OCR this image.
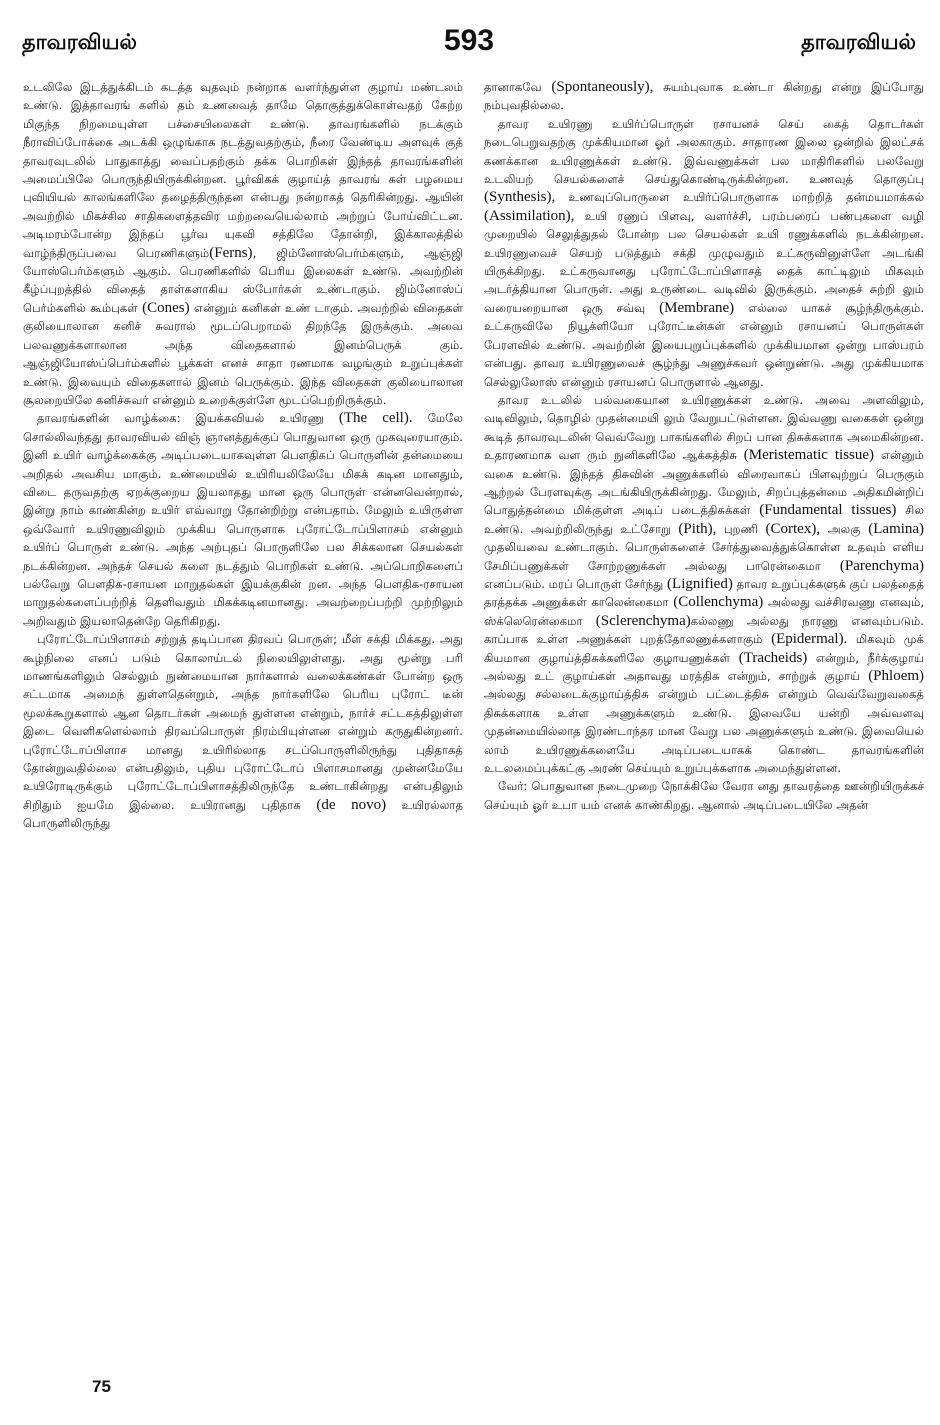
தாவரவியல்	593	தாவரவியல்

உடலிலே இடத்துக்கிடம் கடத்த வுதவும் நன்றாக வளர்ந்துள்ள குழாய் மண்டலம் உண்டு. இத்தாவரங் களில் தம் உணவைத் தாமே தொகுத்துக்கொள்வதற் கேற்ற மிகுந்த நிறமையுள்ள பச்சையிலைகள் உண்டு. தாவரங்களில் நடக்கும் நீராவிப்போக்கை அடக்கி ஒழுங்காக நடத்துவதற்கும், நீரை வேண்டிய அளவுக் குத் தாவரவுடலில் பாதுகாத்து வைப்பதற்கும் தக்க பொறிகள் இந்தத் தாவரங்களின் அமைப்பிலே பொருந்தியிருக்கின்றன. பூர்விகக் குழாய்த் தாவரங் கள் பழமைய புவியியல் காலங்களிலே தழைத்திருந்தன என்பது நன்றாகத் தெரிகின்றது. ஆயின் அவற்றில் மிகச்சில சாதிகளைத்தவிர மற்றவையெல்லாம் அற்றுப் போய்விட்டன. அடிமரம்போன்ற இந்தப் பூர்வ யுகவி சத்திலே தோன்றி, இக்காலத்தில் வாழ்ந்திருப்பவை பெரணிகளும்(Ferns), ஜிம்னோஸ்பெர்ம்களும், ஆஞ்ஜி யோஸ்பெர்ம்களும் ஆகும். பெரணிகளில் பெரிய இலைகள் உண்டு. அவற்றின் கீழ்ப்புறத்தில் விதைத் தாள்களாகிய ஸ்போர்கள் உண்டாகும். ஜிம்னோஸ்ப் பெர்ம்களில் கூம்புகள் (Cones) என்னும் கனிகள் உண் டாகும். அவற்றில் விதைகள் குலியைாலான கனிச் சுவரால் மூடப்பெறாமல் திறந்தே இருக்கும். அவை பலவணுக்களாலான அந்த விதைகளால் இனம்பெருக் கும். ஆஞ்ஜியோஸ்ப்பெர்ம்களில் பூக்கள் எனச் சாதா ரணமாக வழங்கும் உறுப்புக்கள் உண்டு. இவையும் விதைகளால் இனம் பெருக்கும். இந்த விதைகள் குலியைாலான சூலறையிலே கனிச்சுவர் என்னும் உறைக்குள்ளே மூடப்பெற்றிருக்கும்.

தாவரங்களின் வாழ்க்கை: இயக்கவியல் உயிரணு (The cell). மேலே சொல்லிவந்தது தாவரவியல் விஞ் ஞானத்துக்குப் பொதுவான ஒரு முகவுரையாகும். இனி உயிர் வாழ்க்கைக்கு அடிப்படையாகவுள்ள பௌதிகப் பொருளின் தன்மையை அறிதல் அவசிய மாகும். உண்மையில் உயிரியலிலேயே மிகக் கடின மானதும், விடை தருவதற்கு ஏறக்குறைய இயலாதது மான ஒரு பொருள் என்னவென்றால், இன்று நாம் காண்கின்ற உயிர் எவ்வாறு தோன்றிற்று என்பதாம். மேலும் உயிருள்ள ஒவ்வோர் உயிரணுவிலும் முக்கிய பொருளாக புரோட்டோப்பிளாசம் என்னும் உயிர்ப் பொருள் உண்டு. அந்த அற்புதப் பொருளிலே பல சிக்கலான செயல்கள் நடக்கின்றன. அந்தச் செயல் களை நடத்தும் பொறிகள் உண்டு. அப்பொறிகளைப் பல்வேறு பௌதிக-ரசாயன மாறுதல்கள் இயக்குகின் றன. அந்த பௌதிக-ரசாயன மாறுதல்களைப்பற்றித் தெளிவதும் மிகக்கடினமானது. அவற்றைப்பற்றி முற்றிலும் அறிவதும் இயலாதென்றே தெரிகிறது.

புரோட்டோப்பிளாசம் சற்றுத் தடிப்பான திரவப் பொருள்; மீள் சக்தி மிக்கது. அது கூழ்நிலை எனப் படும் கொலாய்டல் நிலையிலுள்ளது. அது மூன்று பரி மாணங்களிலும் செல்லும் நுண்மையான நார்களால் வலைக்கண்கள் போன்ற ஒரு சட்டமாக அமைந் துள்ளதென்றும், அந்த நார்களிலே பெரிய புரோட் டீன் மூலக்கூறுகளால் ஆன தொடர்கள் அமைந் துள்ளன என்றும், நார்ச் சட்டகத்திலுள்ள இடை வெளிகளெல்லாம் திரவப்பொருள் நிரம்பியுள்ளன என்றும் கருதுகின்றனர். புரோட்டோப்பிளாச மானது உயிரில்லாத சடப்பொருளிலிருந்து புதிதாகத் தோன்றுவதில்லை என்பதிலும், புதிய புரோட்டோப் பிளாசமானது முன்னமேயே உயிரோடிருக்கும் புரோட்டோப்பிளாசத்திலிருந்தே உண்டாகின்றது என்பதிலும் சிறிதும் ஐயமே இல்லை. உயிரானது புதிதாக (de novo) உயிரல்லாத பொருளிலிருந்து

தானாகவே (Spontaneously), சுயம்புவாக உண்டா கின்றது என்று இப்போது நம்புவதில்லை.

தாவர உயிரணு உயிர்ப்பொருள் ரசாயனச் செய் கைத் தொடர்கள் நடைபெறுவதற்கு முக்கியமான ஓர் அலகாகும். சாதாரண இலை ஒன்றில் இலட்சக் கணக்கான உயிரணுக்கள் உண்டு. இவ்வணுக்கள் பல மாதிரிகளில் பலவேறு உடலியற் செயல்களைச் செய்துகொண்டிருக்கின்றன. உணவுத் தொகுப்பு (Synthesis), உணவுப்பொருளை உயிர்ப்பொருளாக மாற்றித் தன்மயமாக்கல் (Assimilation), உயி ரணுப் பிளவு, வளர்ச்சி, பரம்பரைப் பண்புகளை வழி முறையில் செலுத்துதல் போன்ற பல செயல்கள் உயி ரணுக்களில் நடக்கின்றன. உயிரணுவைச் செயற் படுத்தும் சக்தி முழுவதும் உட்கருவினுள்ளே அடங்கி யிருக்கிறது. உட்கருவானது புரோட்டோப்பிளாசத் தைக் காட்டிலும் மிகவும் அடர்த்தியான பொருள். அது உருண்டை வடிவில் இருக்கும். அதைச் சுற்றி லும் வரையறையான ஒரு சவ்வு (Membrane) எல்லை யாகச் சூழ்ந்திருக்கும். உட்கருவிலே நியூக்ளியோ புரோட்டீன்கள் என்னும் ரசாயனப் பொருள்கள் பேரளவில் உண்டு. அவற்றின் இயைபுறுப்புக்களில் முக்கியமான ஒன்று பாஸ்பரம் என்பது. தாவர உயிரணுவைச் சூழ்ந்து அணுச்சுவர் ஒன்றுண்டு. அது முக்கியமாக செல்லுலோஸ் என்னும் ரசாயனப் பொருளால் ஆனது.

தாவர உடலில் பல்வகையான உயிரணுக்கள் உண்டு. அவை அளவிலும், வடிவிலும், தொழில் முதன்மையி லும் வேறுபட்டுள்ளன. இவ்வணு வகைகள் ஒன்று கூடித் தாவரவுடலின் வெவ்வேறு பாகங்களில் சிறப் பான திசுக்களாக அமைகின்றன. உதாரணமாக வள ரும் நுனிகளிலே ஆக்கத்திசு (Meristematic tissue) என்னும் வகை உண்டு. இந்தத் திசுவின் அணுக்களில் விரைவாகப் பிளவுற்றுப் பெருகும் ஆற்றல் பேரளவுக்கு அடங்கியிருக்கின்றது. மேலும், சிறப்புத்தன்மை அதிகமின்றிப் பொதுத்தன்மை மிக்குள்ள அடிப் படைத்திசுக்கள் (Fundamental tissues) சில உண்டு. அவற்றிலிருந்து உட்சோறு (Pith), புறணி (Cortex), அலகு (Lamina) முதலியவை உண்டாகும். பொருள்களைச் சேர்த்துவைத்துக்கொள்ள உதவும் எளிய சேமிப்பணுக்கள் சோற்றணுக்கள் அல்லது பாரென்கைமா (Parenchyma) எனப்படும். மரப் பொருள் சேர்ந்து (Lignified) தாவர உறுப்புக்களுக் குப் பலத்தைத் தரத்தக்க அணுக்கள் காலென்கைமா (Collenchyma) அல்லது வச்சிரவணு எனவும், ஸ்க்லெரென்கைமா (Sclerenchyma)கல்லணு அல்லது நாரணு எனவும்படும். காப்பாக உள்ள அணுக்கள் புறத்தோலணுக்களாகும் (Epidermal). மிகவும் முக் கியமான குழாய்த்திசுக்களிலே குழாயணுக்கள் (Tracheids) என்றும், நீர்க்குழாய் அல்லது உட் குழாய்கள் அதாவது மரத்திசு என்றும், சாற்றுக் குழாய் (Phloem) அல்லது சல்லடைக்குழாய்த்திசு என்றும் பட்டைத்திசு என்றும் வெவ்வேறுவகைத் திசுக்களாக உள்ள அணுக்களும் உண்டு. இவையே யன்றி அவ்வளவு முதன்மையில்லாத இரண்டாந்தர மான வேறு பல அணுக்களும் உண்டு. இவையெல் லாம் உயிரணுக்களையே அடிப்படையாகக் கொண்ட தாவரங்களின் உடலமைப்புக்கட்கு அரண் செய்யும் உறுப்புக்களாக அமைந்துள்ளன.

வேர்: பொதுவான நடைமுறை நோக்கிலே வேரா னது தாவரத்தை ஊன்றியிருக்கச் செய்யும் ஓர் உபா யம் எனக் காண்கிறது. ஆனால் அடிப்படையிலே அதன்

75
